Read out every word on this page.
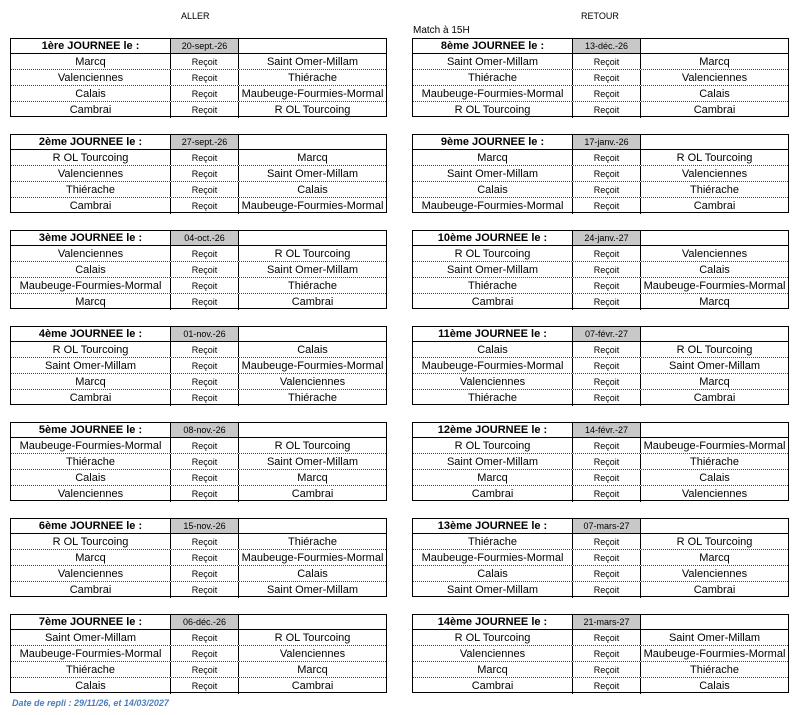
ALLER	RETOUR
Match à 15H
1ère JOURNEE le :	20-sept.-26
Marcq	Reçoit	Saint Omer-Millam
Valenciennes	Reçoit	Thiérache
Calais	Reçoit	Maubeuge-Fourmies-Mormal
Cambrai	Reçoit	R OL Tourcoing
2ème JOURNEE le :	27-sept.-26
R OL Tourcoing	Reçoit	Marcq
Valenciennes	Reçoit	Saint Omer-Millam
Thiérache	Reçoit	Calais
Cambrai	Reçoit	Maubeuge-Fourmies-Mormal
3ème JOURNEE le :	04-oct.-26
Valenciennes	Reçoit	R OL Tourcoing
Calais	Reçoit	Saint Omer-Millam
Maubeuge-Fourmies-Mormal	Reçoit	Thiérache
Marcq	Reçoit	Cambrai
4ème JOURNEE le :	01-nov.-26
R OL Tourcoing	Reçoit	Calais
Saint Omer-Millam	Reçoit	Maubeuge-Fourmies-Mormal
Marcq	Reçoit	Valenciennes
Cambrai	Reçoit	Thiérache
5ème JOURNEE le :	08-nov.-26
Maubeuge-Fourmies-Mormal	Reçoit	R OL Tourcoing
Thiérache	Reçoit	Saint Omer-Millam
Calais	Reçoit	Marcq
Valenciennes	Reçoit	Cambrai
6ème JOURNEE le :	15-nov.-26
R OL Tourcoing	Reçoit	Thiérache
Marcq	Reçoit	Maubeuge-Fourmies-Mormal
Valenciennes	Reçoit	Calais
Cambrai	Reçoit	Saint Omer-Millam
7ème JOURNEE le :	06-déc.-26
Saint Omer-Millam	Reçoit	R OL Tourcoing
Maubeuge-Fourmies-Mormal	Reçoit	Valenciennes
Thiérache	Reçoit	Marcq
Calais	Reçoit	Cambrai
8ème JOURNEE le :	13-déc.-26
Saint Omer-Millam	Reçoit	Marcq
Thiérache	Reçoit	Valenciennes
Maubeuge-Fourmies-Mormal	Reçoit	Calais
R OL Tourcoing	Reçoit	Cambrai
9ème JOURNEE le :	17-janv.-26
Marcq	Reçoit	R OL Tourcoing
Saint Omer-Millam	Reçoit	Valenciennes
Calais	Reçoit	Thiérache
Maubeuge-Fourmies-Mormal	Reçoit	Cambrai
10ème JOURNEE le :	24-janv.-27
R OL Tourcoing	Reçoit	Valenciennes
Saint Omer-Millam	Reçoit	Calais
Thiérache	Reçoit	Maubeuge-Fourmies-Mormal
Cambrai	Reçoit	Marcq
11ème JOURNEE le :	07-févr.-27
Calais	Reçoit	R OL Tourcoing
Maubeuge-Fourmies-Mormal	Reçoit	Saint Omer-Millam
Valenciennes	Reçoit	Marcq
Thiérache	Reçoit	Cambrai
12ème JOURNEE le :	14-févr.-27
R OL Tourcoing	Reçoit	Maubeuge-Fourmies-Mormal
Saint Omer-Millam	Reçoit	Thiérache
Marcq	Reçoit	Calais
Cambrai	Reçoit	Valenciennes
13ème JOURNEE le :	07-mars-27
Thiérache	Reçoit	R OL Tourcoing
Maubeuge-Fourmies-Mormal	Reçoit	Marcq
Calais	Reçoit	Valenciennes
Saint Omer-Millam	Reçoit	Cambrai
14ème JOURNEE le :	21-mars-27
R OL Tourcoing	Reçoit	Saint Omer-Millam
Valenciennes	Reçoit	Maubeuge-Fourmies-Mormal
Marcq	Reçoit	Thiérache
Cambrai	Reçoit	Calais
Date de repli : 29/11/26, et 14/03/2027
